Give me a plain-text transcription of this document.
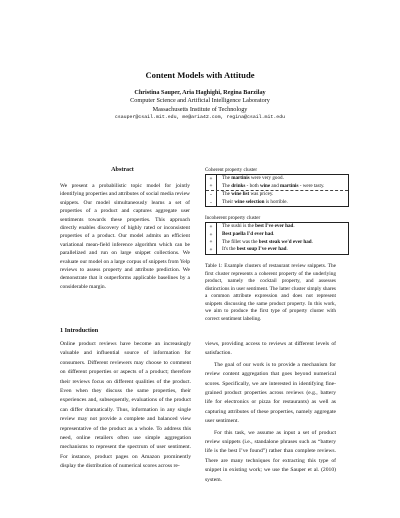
Content Models with Attitude
Christina Sauper, Aria Haghighi, Regina Barzilay
Computer Science and Artificial Intelligence Laboratory
Massachusetts Institute of Technology
csauper@csail.mit.edu, me@aria42.com, regina@csail.mit.edu
Abstract
We present a probabilistic topic model for jointly identifying properties and attributes of social media review snippets. Our model simultaneously learns a set of properties of a product and captures aggregate user sentiments towards these properties. This approach directly enables discovery of highly rated or inconsistent properties of a product. Our model admits an efficient variational mean-field inference algorithm which can be parallelized and run on large snippet collections. We evaluate our model on a large corpus of snippets from Yelp reviews to assess property and attribute prediction. We demonstrate that it outperforms applicable baselines by a considerable margin.
Coherent property cluster
+	The martinis were very good.
+	The drinks - both wine and martinis - were tasty.
-	The wine list was pricey.
-	Their wine selection is horrible.
Incoherent property cluster
+	The sushi is the best I've ever had.
+	Best paella I'd ever had.
+	The fillet was the best steak we'd ever had.
+	It's the best soup I've ever had.
Table 1: Example clusters of restaurant review snippets. The first cluster represents a coherent property of the underlying product, namely the cocktail property, and assesses distinctions in user sentiment. The latter cluster simply shares a common attribute expression and does not represent snippets discussing the same product property. In this work, we aim to produce the first type of property cluster with correct sentiment labeling.
1 Introduction

Online product reviews have become an increasingly valuable and influential source of information for consumers. Different reviewers may choose to comment on different properties or aspects of a product; therefore their reviews focus on different qualities of the product. Even when they discuss the same properties, their experiences and, subsequently, evaluations of the product can differ dramatically. Thus, information in any single review may not provide a complete and balanced view representative of the product as a whole. To address this need, online retailers often use simple aggregation mechanisms to represent the spectrum of user sentiment. For instance, product pages on Amazon prominently display the distribution of numerical scores across re-

views, providing access to reviews at different levels of satisfaction.

The goal of our work is to provide a mechanism for review content aggregation that goes beyond numerical scores. Specifically, we are interested in identifying fine-grained product properties across reviews (e.g., battery life for electronics or pizza for restaurants) as well as capturing attributes of these properties, namely aggregate user sentiment.

For this task, we assume as input a set of product review snippets (i.e., standalone phrases such as “battery life is the best I’ve found”) rather than complete reviews. There are many techniques for extracting this type of snippet in existing work; we use the Sauper et al. (2010) system.
